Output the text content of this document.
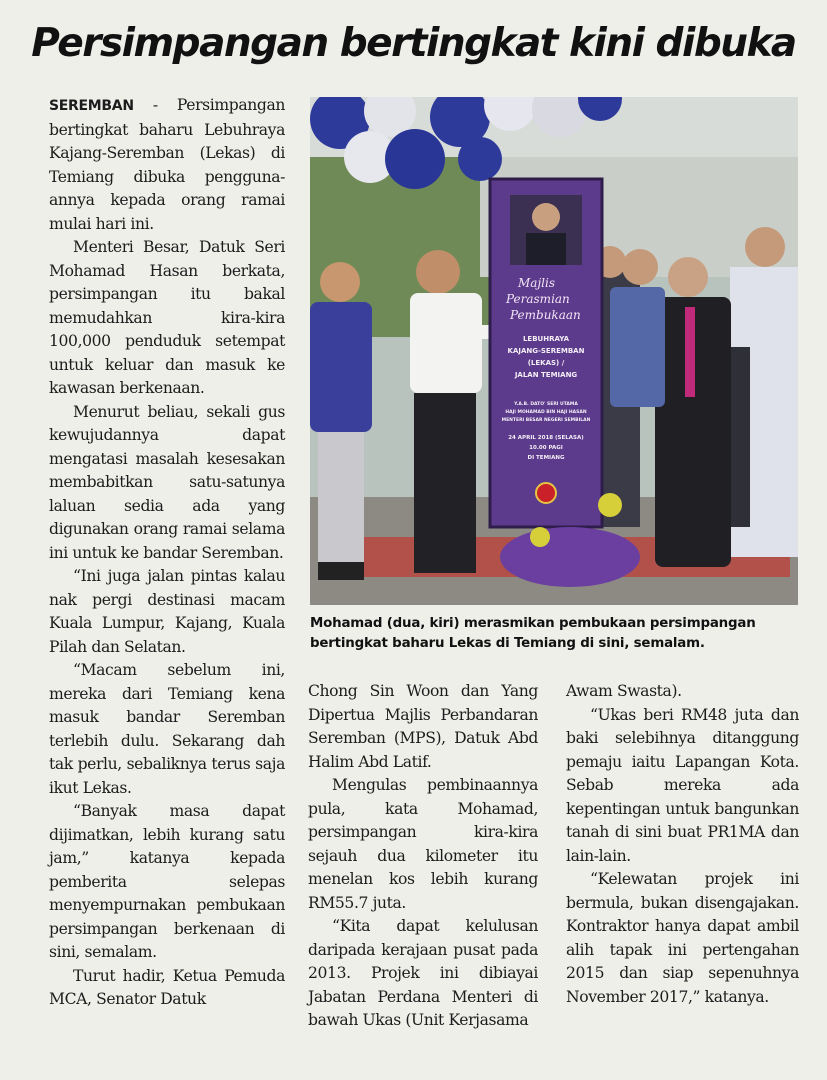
Persimpangan bertingkat kini dibuka

SEREMBAN - Persimpangan bertingkat baharu Lebuhraya Kajang-Seremban (Lekas) di Temiang dibuka pengguna-annya kepada orang ramai mulai hari ini.

Menteri Besar, Datuk Seri Mohamad Hasan berkata, persimpangan itu bakal memudahkan kira-kira 100,000 penduduk setempat untuk keluar dan masuk ke kawasan berkenaan.

Menurut beliau, sekali gus kewujudannya dapat mengatasi masalah kesesakan membabitkan satu-satunya laluan sedia ada yang digunakan orang ramai selama ini untuk ke bandar Seremban.

“Ini juga jalan pintas kalau nak pergi destinasi macam Kuala Lumpur, Kajang, Kuala Pilah dan Selatan.

“Macam sebelum ini, mereka dari Temiang kena masuk bandar Seremban terlebih dulu. Sekarang dah tak perlu, sebaliknya terus saja ikut Lekas.

“Banyak masa dapat dijimatkan, lebih kurang satu jam,” katanya kepada pemberita selepas menyempurnakan pembukaan persimpangan berkenaan di sini, semalam.

Turut hadir, Ketua Pemuda MCA, Senator Datuk

Majlis
Perasmian
Pembukaan
LEBUHRAYA
KAJANG-SEREMBAN
(LEKAS) /
JALAN TEMIANG
Y.A.B. DATO' SERI UTAMA
HAJI MOHAMAD BIN HAJI HASAN
MENTERI BESAR NEGERI SEMBILAN
24 APRIL 2018 (SELASA)
10.00 PAGI
DI TEMIANG
Mohamad (dua, kiri) merasmikan pembukaan persimpangan bertingkat baharu Lekas di Temiang di sini, semalam.

Chong Sin Woon dan Yang Dipertua Majlis Perbandaran Seremban (MPS), Datuk Abd Halim Abd Latif.

Mengulas pembinaannya pula, kata Mohamad, persimpangan kira-kira sejauh dua kilometer itu menelan kos lebih kurang RM55.7 juta.

“Kita dapat kelulusan daripada kerajaan pusat pada 2013. Projek ini dibiayai Jabatan Perdana Menteri di bawah Ukas (Unit Kerjasama

Awam Swasta).

“Ukas beri RM48 juta dan baki selebihnya ditanggung pemaju iaitu Lapangan Kota. Sebab mereka ada kepentingan untuk bangunkan tanah di sini buat PR1MA dan lain-lain.

“Kelewatan projek ini bermula, bukan disengajakan. Kontraktor hanya dapat ambil alih tapak ini pertengahan 2015 dan siap sepenuhnya November 2017,” katanya.
